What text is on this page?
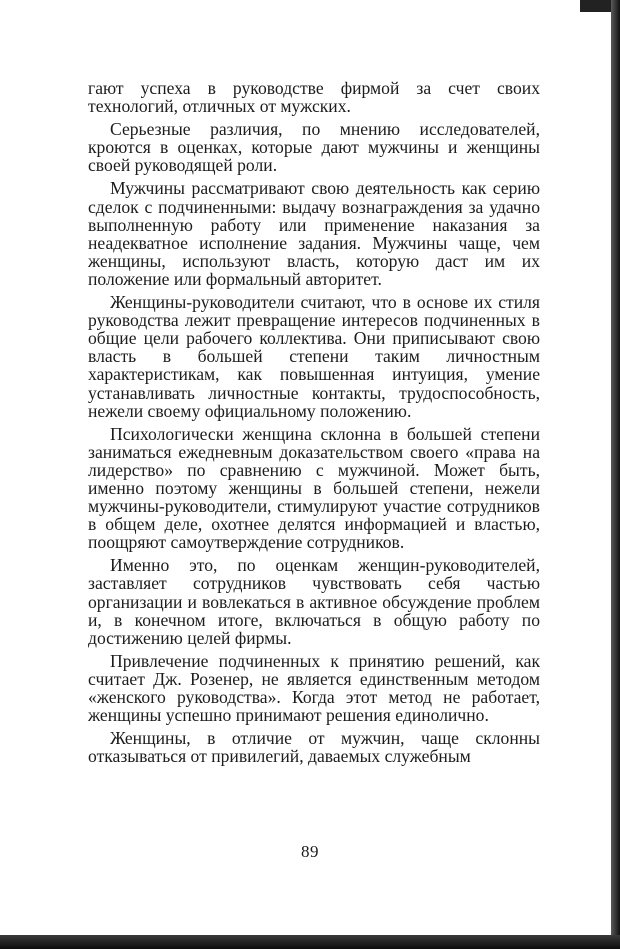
гают успеха в руководстве фирмой за счет своих технологий, отличных от мужских.

Серьезные различия, по мнению исследователей, кроются в оценках, которые дают мужчины и женщины своей руководящей роли.

Мужчины рассматривают свою деятельность как серию сделок с подчиненными: выдачу вознаграждения за удачно выполненную работу или применение наказания за неадекватное исполнение задания. Мужчины чаще, чем женщины, используют власть, которую даст им их положение или формальный авторитет.

Женщины-руководители считают, что в основе их стиля руководства лежит превращение интересов подчиненных в общие цели рабочего коллектива. Они приписывают свою власть в большей степени таким личностным характеристикам, как повышенная интуиция, умение устанавливать личностные контакты, трудоспособность, нежели своему официальному положению.

Психологически женщина склонна в большей степени заниматься ежедневным доказательством своего «права на лидерство» по сравнению с мужчиной. Может быть, именно поэтому женщины в большей степени, нежели мужчины-руководители, стимулируют участие сотрудников в общем деле, охотнее делятся информацией и властью, поощряют самоутверждение сотрудников.

Именно это, по оценкам женщин-руководителей, заставляет сотрудников чувствовать себя частью организации и вовлекаться в активное обсуждение проблем и, в конечном итоге, включаться в общую работу по достижению целей фирмы.

Привлечение подчиненных к принятию решений, как считает Дж. Розенер, не является единственным методом «женского руководства». Когда этот метод не работает, женщины успешно принимают решения единолично.

Женщины, в отличие от мужчин, чаще склонны отказываться от привилегий, даваемых служебным

89
